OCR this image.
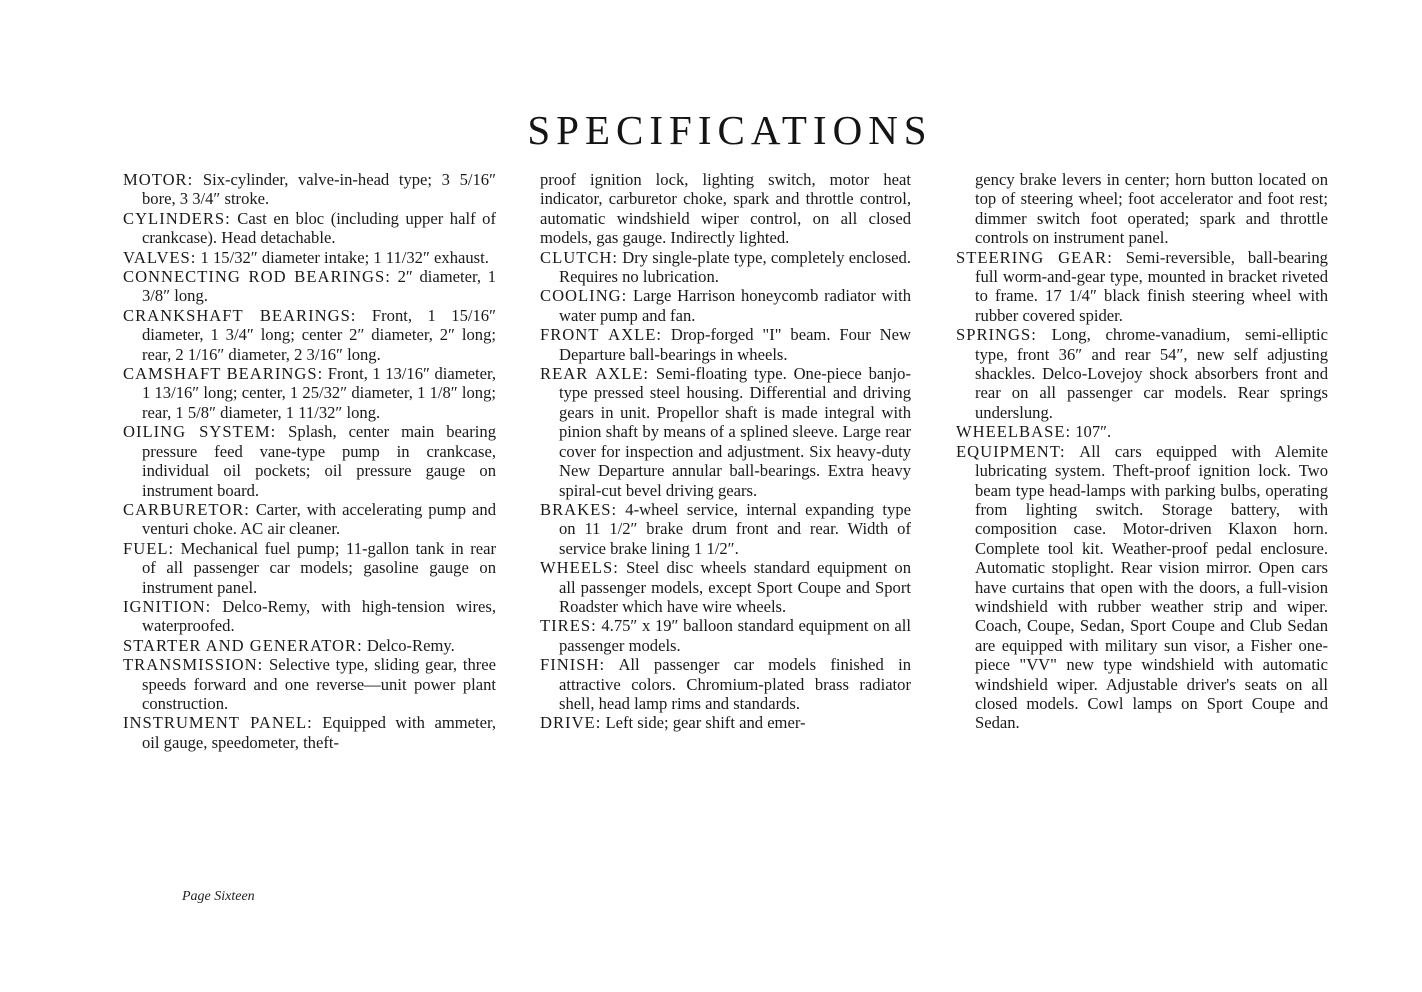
SPECIFICATIONS

MOTOR: Six-cylinder, valve-in-head type; 3 5/16″ bore, 3 3/4″ stroke.

CYLINDERS: Cast en bloc (including upper half of crankcase). Head detachable.

VALVES: 1 15/32″ diameter intake; 1 11/32″ exhaust.

CONNECTING ROD BEARINGS: 2″ diameter, 1 3/8″ long.

CRANKSHAFT BEARINGS: Front, 1 15/16″ diameter, 1 3/4″ long; center 2″ diameter, 2″ long; rear, 2 1/16″ diameter, 2 3/16″ long.

CAMSHAFT BEARINGS: Front, 1 13/16″ diameter, 1 13/16″ long; center, 1 25/32″ diameter, 1 1/8″ long; rear, 1 5/8″ diameter, 1 11/32″ long.

OILING SYSTEM: Splash, center main bearing pressure feed vane-type pump in crankcase, individual oil pockets; oil pressure gauge on instrument board.

CARBURETOR: Carter, with accelerating pump and venturi choke. AC air cleaner.

FUEL: Mechanical fuel pump; 11-gallon tank in rear of all passenger car models; gasoline gauge on instrument panel.

IGNITION: Delco-Remy, with high-tension wires, waterproofed.

STARTER AND GENERATOR: Delco-Remy.

TRANSMISSION: Selective type, sliding gear, three speeds forward and one reverse—unit power plant construction.

INSTRUMENT PANEL: Equipped with ammeter, oil gauge, speedometer, theft-

proof ignition lock, lighting switch, motor heat indicator, carburetor choke, spark and throttle control, automatic windshield wiper control, on all closed models, gas gauge. Indirectly lighted.

CLUTCH: Dry single-plate type, completely enclosed. Requires no lubrication.

COOLING: Large Harrison honeycomb radiator with water pump and fan.

FRONT AXLE: Drop-forged "I" beam. Four New Departure ball-bearings in wheels.

REAR AXLE: Semi-floating type. One-piece banjo-type pressed steel housing. Differential and driving gears in unit. Propellor shaft is made integral with pinion shaft by means of a splined sleeve. Large rear cover for inspection and adjustment. Six heavy-duty New Departure annular ball-bearings. Extra heavy spiral-cut bevel driving gears.

BRAKES: 4-wheel service, internal expanding type on 11 1/2″ brake drum front and rear. Width of service brake lining 1 1/2″.

WHEELS: Steel disc wheels standard equipment on all passenger models, except Sport Coupe and Sport Roadster which have wire wheels.

TIRES: 4.75″ x 19″ balloon standard equipment on all passenger models.

FINISH: All passenger car models finished in attractive colors. Chromium-plated brass radiator shell, head lamp rims and standards.

DRIVE: Left side; gear shift and emer-

gency brake levers in center; horn button located on top of steering wheel; foot accelerator and foot rest; dimmer switch foot operated; spark and throttle controls on instrument panel.

STEERING GEAR: Semi-reversible, ball-bearing full worm-and-gear type, mounted in bracket riveted to frame. 17 1/4″ black finish steering wheel with rubber covered spider.

SPRINGS: Long, chrome-vanadium, semi-elliptic type, front 36″ and rear 54″, new self adjusting shackles. Delco-Lovejoy shock absorbers front and rear on all passenger car models. Rear springs underslung.

WHEELBASE: 107″.

EQUIPMENT: All cars equipped with Alemite lubricating system. Theft-proof ignition lock. Two beam type head-lamps with parking bulbs, operating from lighting switch. Storage battery, with composition case. Motor-driven Klaxon horn. Complete tool kit. Weather-proof pedal enclosure. Automatic stoplight. Rear vision mirror. Open cars have curtains that open with the doors, a full-vision windshield with rubber weather strip and wiper. Coach, Coupe, Sedan, Sport Coupe and Club Sedan are equipped with military sun visor, a Fisher one-piece "VV" new type windshield with automatic windshield wiper. Adjustable driver's seats on all closed models. Cowl lamps on Sport Coupe and Sedan.

Page Sixteen
